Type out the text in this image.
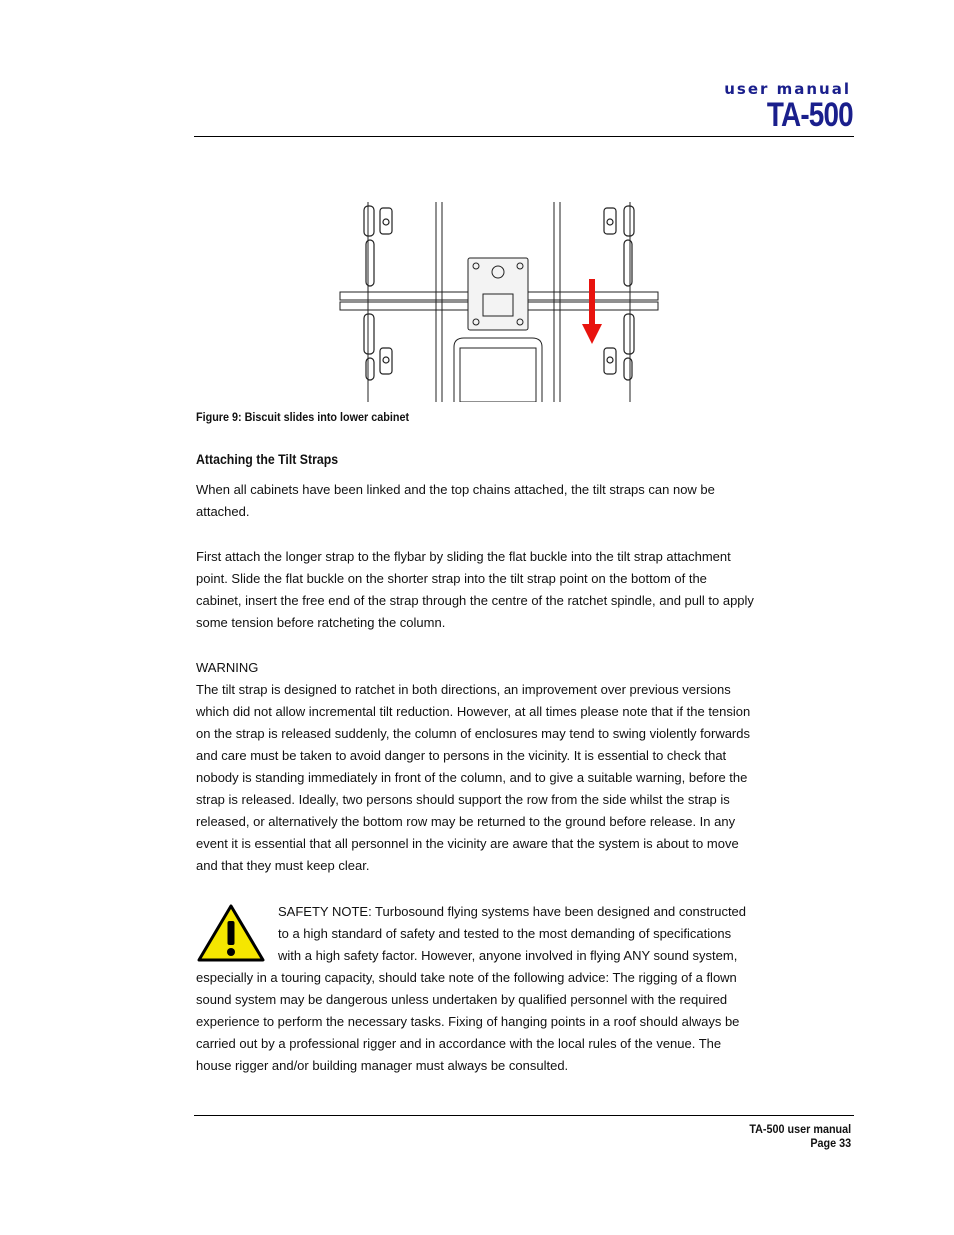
user manual
TA-500
Figure 9: Biscuit slides into lower cabinet
Attaching the Tilt Straps
When all cabinets have been linked and the top chains attached, the tilt straps can now be attached.
First attach the longer strap to the flybar by sliding the flat buckle into the tilt strap attachment point. Slide the flat buckle on the shorter strap into the tilt strap point on the bottom of the cabinet, insert the free end of the strap through the centre of the ratchet spindle, and pull to apply some tension before ratcheting the column.
WARNING
The tilt strap is designed to ratchet in both directions, an improvement over previous versions which did not allow incremental tilt reduction. However, at all times please note that if the tension on the strap is released suddenly, the column of enclosures may tend to swing violently forwards and care must be taken to avoid danger to persons in the vicinity. It is essential to check that nobody is standing immediately in front of the column, and to give a suitable warning, before the strap is released. Ideally, two persons should support the row from the side whilst the strap is released, or alternatively the bottom row may be returned to the ground before release. In any event it is essential that all personnel in the vicinity are aware that the system is about to move and that they must keep clear.
SAFETY NOTE: Turbosound flying systems have been designed and constructed to a high standard of safety and tested to the most demanding of specifications with a high safety factor. However, anyone involved in flying ANY sound system, especially in a touring capacity, should take note of the following advice: The rigging of a flown sound system may be dangerous unless undertaken by qualified personnel with the required experience to perform the necessary tasks. Fixing of hanging points in a roof should always be carried out by a professional rigger and in accordance with the local rules of the venue. The house rigger and/or building manager must always be consulted.
TA-500 user manual
Page 33
